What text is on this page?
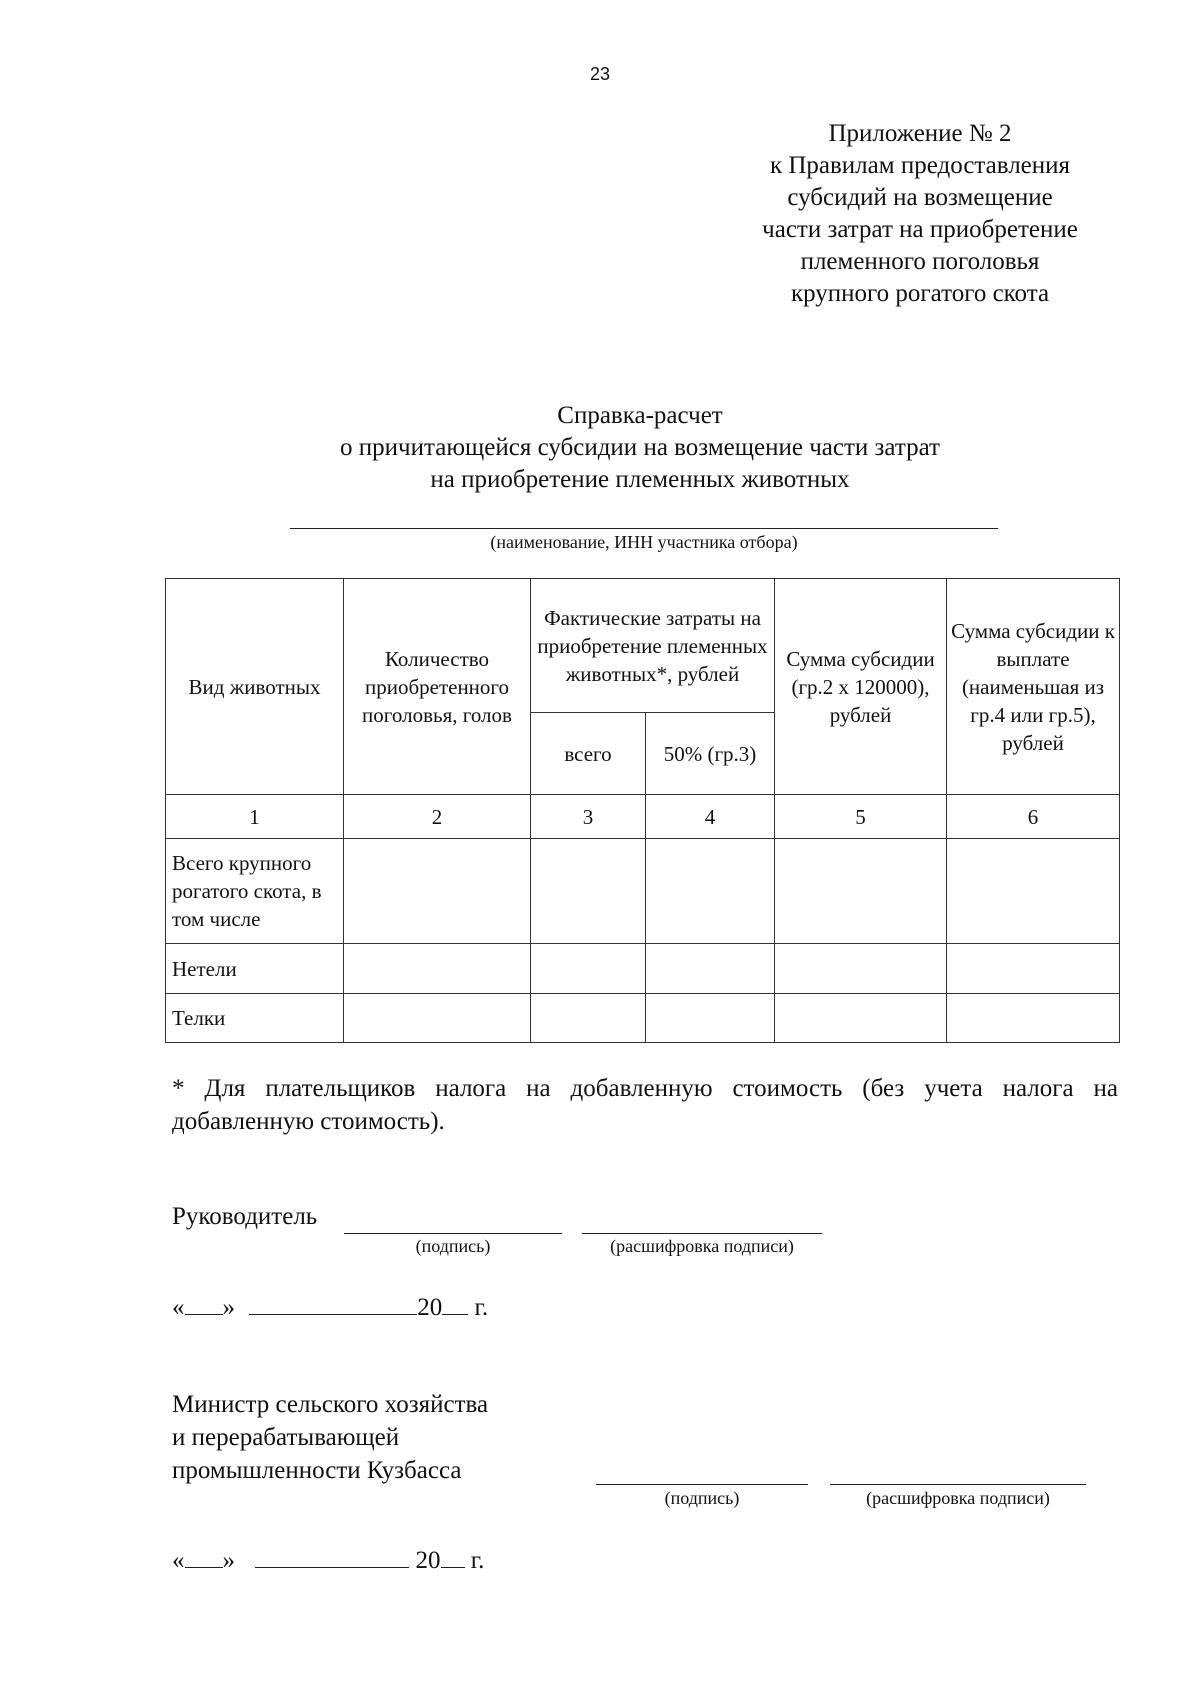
23
Приложение № 2
к Правилам предоставления
субсидий на возмещение
части затрат на приобретение
племенного поголовья
крупного рогатого скота
Справка-расчет
о причитающейся субсидии на возмещение части затрат
на приобретение племенных животных
(наименование, ИНН участника отбора)
Вид животных	Количество приобретенного поголовья, голов	Фактические затраты на приобретение племенных животных*, рублей		Сумма субсидии (гр.2 х 120000), рублей	Сумма субсидии к выплате (наименьшая из гр.4 или гр.5), рублей
		всего	50% (гр.3)		
1	2	3	4	5	6
Всего крупного рогатого скота, в том числе					
Нетели					
Телки					
* Для плательщиков налога на добавленную стоимость (без учета налога на добавленную стоимость).
Руководитель
(подпись)	(расшифровка подписи)
« »	20 г.
Министр сельского хозяйства
и перерабатывающей
промышленности Кузбасса
(подпись)	(расшифровка подписи)
« »	20 г.
